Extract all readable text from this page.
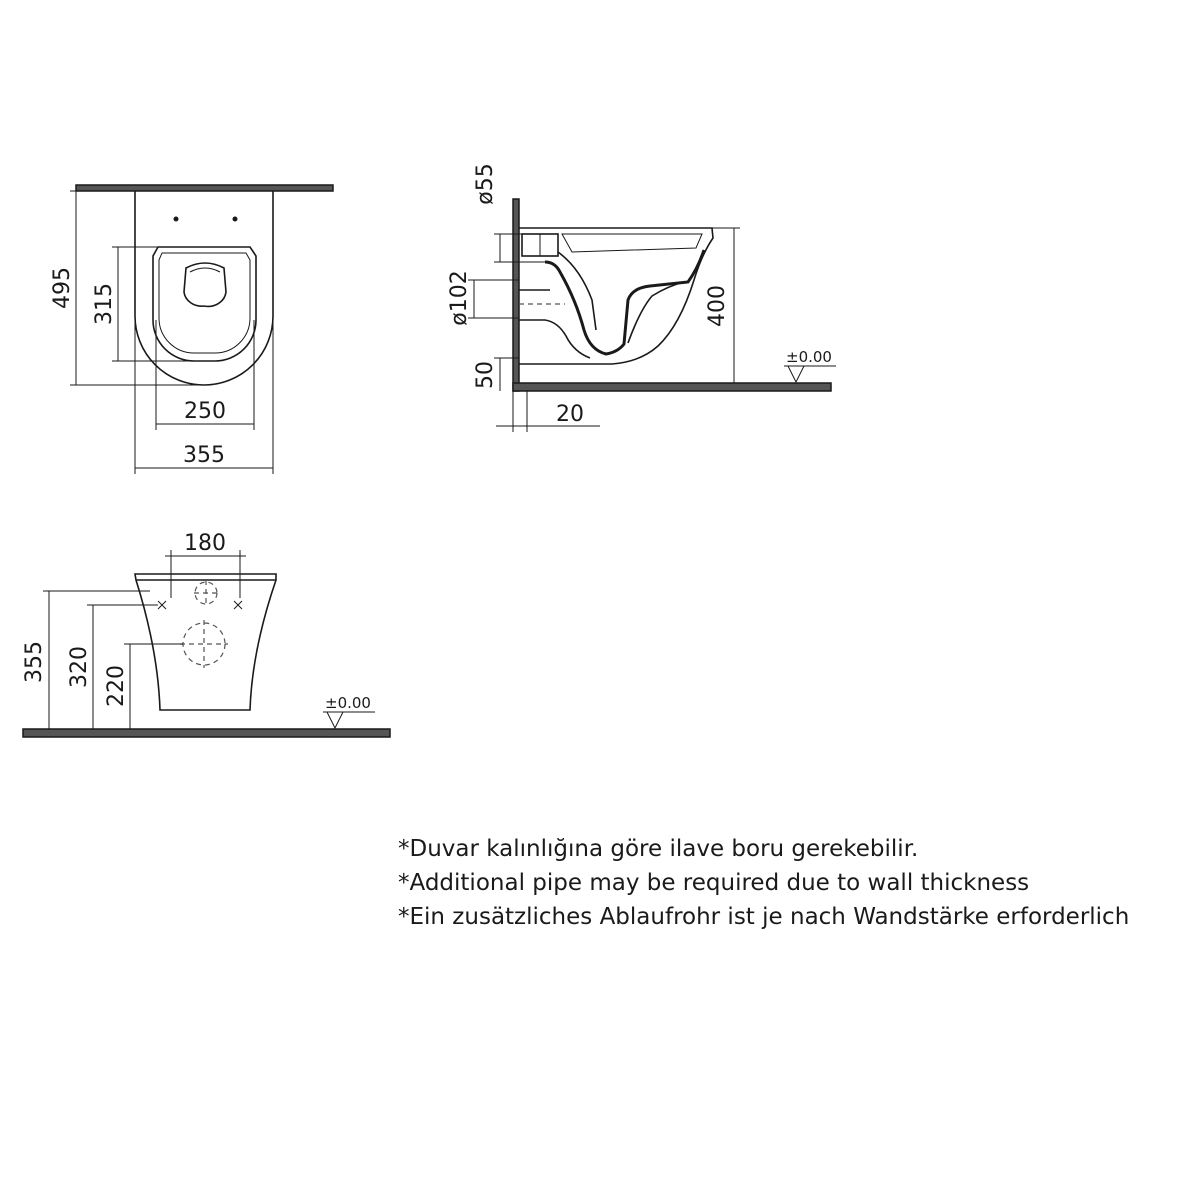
495 315
250
355
ø55
ø102
50
400
20
±0.00
180
355 320 220	±0.00
*Duvar kalınlığına göre ilave boru gerekebilir.
*Additional pipe may be required due to wall thickness
*Ein zusätzliches Ablaufrohr ist je nach Wandstärke erforderlich
